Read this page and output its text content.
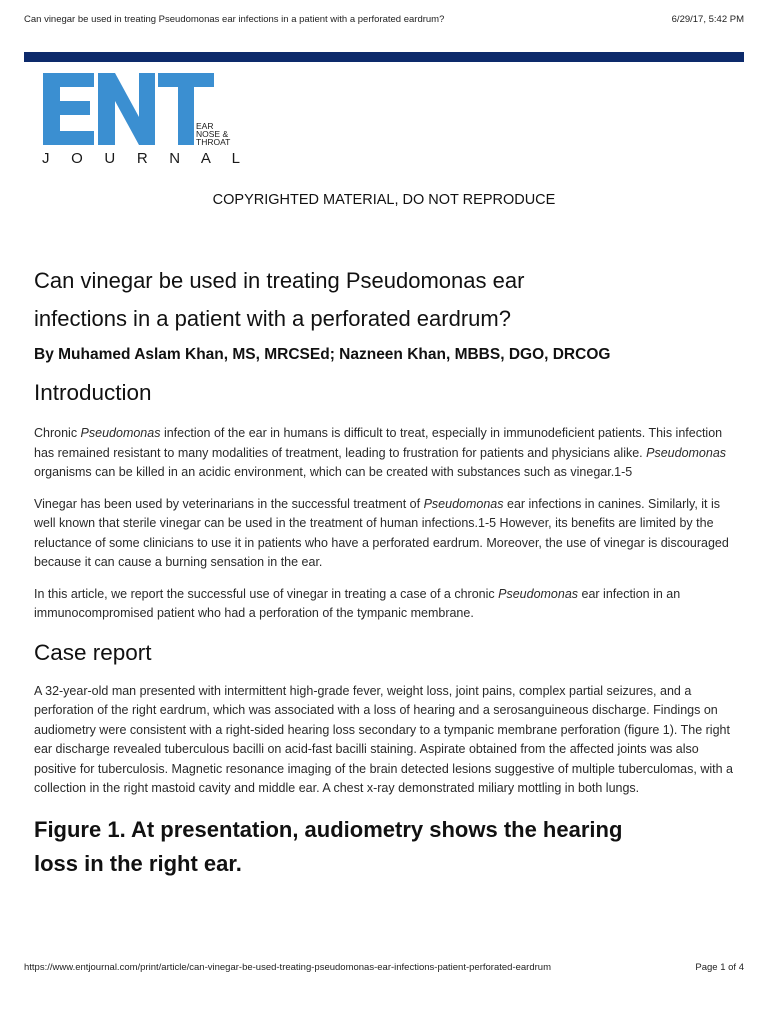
Can vinegar be used in treating Pseudomonas ear infections in a patient with a perforated eardrum?	6/29/17, 5:42 PM
EAR
NOSE &
THROAT
J O U R N A L
COPYRIGHTED MATERIAL, DO NOT REPRODUCE
Can vinegar be used in treating Pseudomonas ear
infections in a patient with a perforated eardrum?
By Muhamed Aslam Khan, MS, MRCSEd; Nazneen Khan, MBBS, DGO, DRCOG
Introduction

Chronic Pseudomonas infection of the ear in humans is difficult to treat, especially in immunodeficient patients. This infection has remained resistant to many modalities of treatment, leading to frustration for patients and physicians alike. Pseudomonas organisms can be killed in an acidic environment, which can be created with substances such as vinegar.1-5

Vinegar has been used by veterinarians in the successful treatment of Pseudomonas ear infections in canines. Similarly, it is well known that sterile vinegar can be used in the treatment of human infections.1-5 However, its benefits are limited by the reluctance of some clinicians to use it in patients who have a perforated eardrum. Moreover, the use of vinegar is discouraged because it can cause a burning sensation in the ear.

In this article, we report the successful use of vinegar in treating a case of a chronic Pseudomonas ear infection in an immunocompromised patient who had a perforation of the tympanic membrane.

Case report

A 32-year-old man presented with intermittent high-grade fever, weight loss, joint pains, complex partial seizures, and a perforation of the right eardrum, which was associated with a loss of hearing and a serosanguineous discharge. Findings on audiometry were consistent with a right-sided hearing loss secondary to a tympanic membrane perforation (figure 1). The right ear discharge revealed tuberculous bacilli on acid-fast bacilli staining. Aspirate obtained from the affected joints was also positive for tuberculosis. Magnetic resonance imaging of the brain detected lesions suggestive of multiple tuberculomas, with a collection in the right mastoid cavity and middle ear. A chest x-ray demonstrated miliary mottling in both lungs.

Figure 1. At presentation, audiometry shows the hearing
loss in the right ear.
https://www.entjournal.com/print/article/can-vinegar-be-used-treating-pseudomonas-ear-infections-patient-perforated-eardrum	Page 1 of 4
